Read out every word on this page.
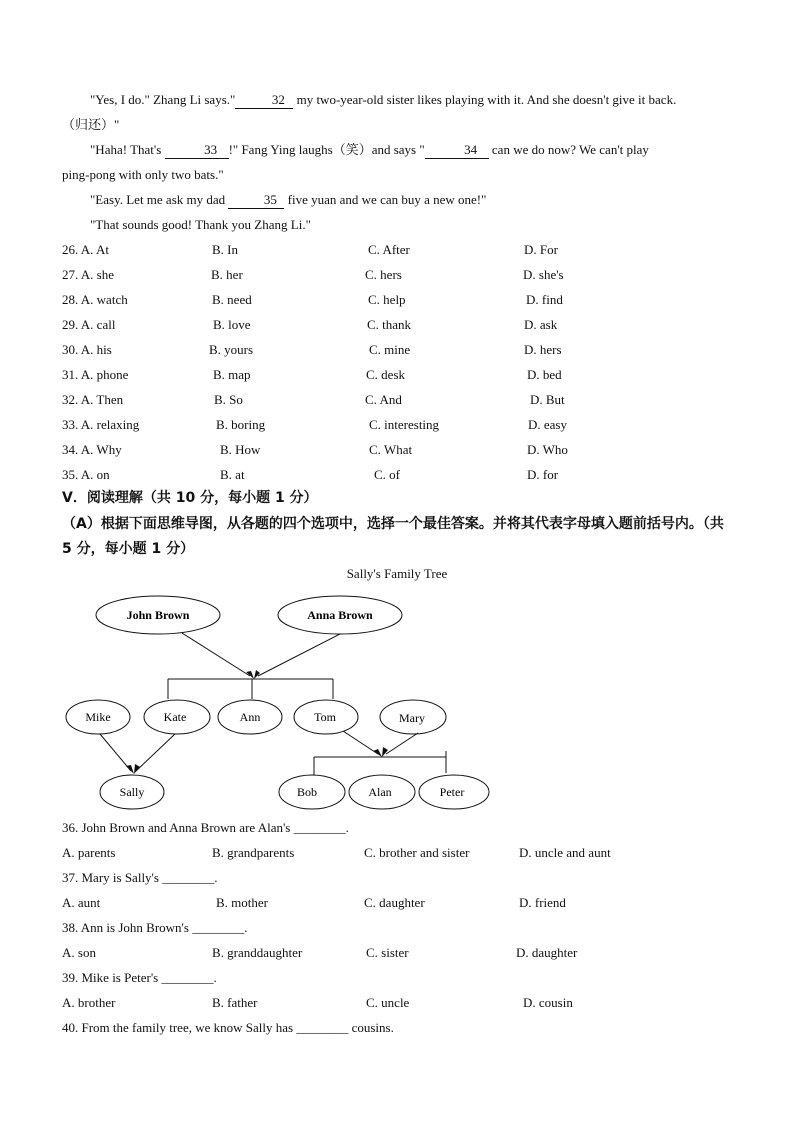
"Yes, I do." Zhang Li says."	32 my two-year-old sister likes playing with it. And she doesn't give it back.
（归还）"
"Haha! That's	33 !" Fang Ying laughs（笑）and says "	34 can we do now? We can't play
ping-pong with only two bats."
"Easy. Let me ask my dad	35 five yuan and we can buy a new one!"
"That sounds good! Thank you Zhang Li."
26. A. At	B. In	C. After	D. For
27. A. she	B. her	C. hers	D. she's
28. A. watch	B. need	C. help	D. find
29. A. call	B. love	C. thank	D. ask
30. A. his	B. yours	C. mine	D. hers
31. A. phone	B. map	C. desk	D. bed
32. A. Then	B. So	C. And	D. But
33. A. relaxing	B. boring	C. interesting	D. easy
34. A. Why	B. How	C. What	D. Who
35. A. on	B. at	C. of	D. for
V．阅读理解（共 10 分，每小题 1 分）
（A）根据下面思维导图，从各题的四个选项中，选择一个最佳答案。并将其代表字母填入题前括号内。（共 5 分，每小题 1 分）
Sally's Family Tree
John Brown	Anna Brown
Mike	Kate	Ann	Tom	Mary
Sally	Bob	Alan	Peter
36. John Brown and Anna Brown are Alan's ________.
A. parents	B. grandparents	C. brother and sister	D. uncle and aunt
37. Mary is Sally's ________.
A. aunt	B. mother	C. daughter	D. friend
38. Ann is John Brown's ________.
A. son	B. granddaughter	C. sister	D. daughter
39. Mike is Peter's ________.
A. brother	B. father	C. uncle	D. cousin
40. From the family tree, we know Sally has ________ cousins.
